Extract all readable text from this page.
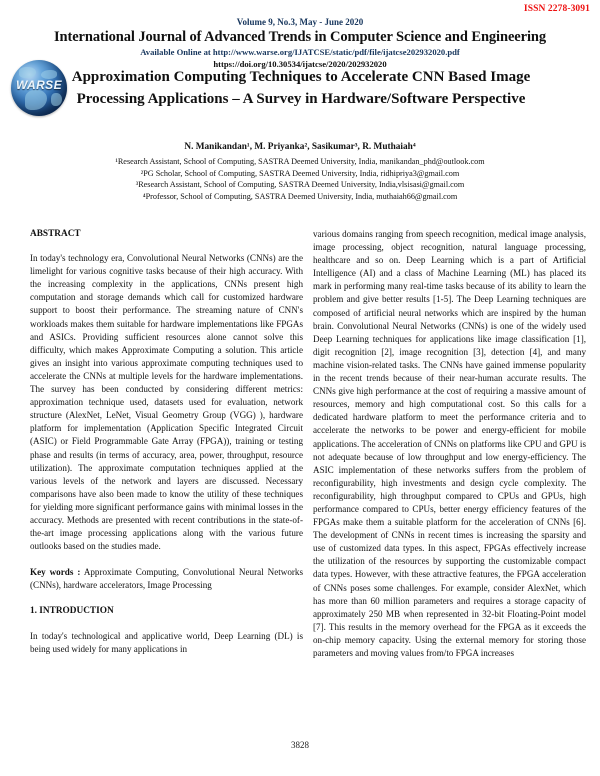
ISSN 2278-3091
Volume 9, No.3, May - June 2020
International Journal of Advanced Trends in Computer Science and Engineering
Available Online at http://www.warse.org/IJATCSE/static/pdf/file/ijatcse202932020.pdf
https://doi.org/10.30534/ijatcse/2020/202932020
WARSE Approximation Computing Techniques to Accelerate CNN Based Image Processing Applications – A Survey in Hardware/Software Perspective
N. Manikandan¹, M. Priyanka², Sasikumar³, R. Muthaiah⁴
¹Research Assistant, School of Computing, SASTRA Deemed University, India, manikandan_phd@outlook.com
²PG Scholar, School of Computing, SASTRA Deemed University, India, ridhipriya3@gmail.com
³Research Assistant, School of Computing, SASTRA Deemed University, India,vlsisasi@gmail.com
⁴Professor, School of Computing, SASTRA Deemed University, India, muthaiah66@gmail.com
ABSTRACT
In today's technology era, Convolutional Neural Networks (CNNs) are the limelight for various cognitive tasks because of their high accuracy. With the increasing complexity in the applications, CNNs present high computation and storage demands which call for customized hardware support to boost their performance. The streaming nature of CNN's workloads makes them suitable for hardware implementations like FPGAs and ASICs. Providing sufficient resources alone cannot solve this difficulty, which makes Approximate Computing a solution. This article gives an insight into various approximate computing techniques used to accelerate the CNNs at multiple levels for the hardware implementations. The survey has been conducted by considering different metrics: approximation technique used, datasets used for evaluation, network structure (AlexNet, LeNet, Visual Geometry Group (VGG) ), hardware platform for implementation (Application Specific Integrated Circuit (ASIC) or Field Programmable Gate Array (FPGA)), training or testing phase and results (in terms of accuracy, area, power, throughput, resource utilization). The approximate computation techniques applied at the various levels of the network and layers are discussed. Necessary comparisons have also been made to know the utility of these techniques for yielding more significant performance gains with minimal losses in the accuracy. Methods are presented with recent contributions in the state-of-the-art image processing applications along with the various future outlooks based on the studies made.
Key words : Approximate Computing, Convolutional Neural Networks (CNNs), hardware accelerators, Image Processing
1. INTRODUCTION
In today's technological and applicative world, Deep Learning (DL) is being used widely for many applications in
various domains ranging from speech recognition, medical image analysis, image processing, object recognition, natural language processing, healthcare and so on. Deep Learning which is a part of Artificial Intelligence (AI) and a class of Machine Learning (ML) has placed its mark in performing many real-time tasks because of its ability to learn the problem and give better results [1-5]. The Deep Learning techniques are composed of artificial neural networks which are inspired by the human brain. Convolutional Neural Networks (CNNs) is one of the widely used Deep Learning techniques for applications like image classification [1], digit recognition [2], image recognition [3], detection [4], and many machine vision-related tasks. The CNNs have gained immense popularity in the recent trends because of their near-human accurate results. The CNNs give high performance at the cost of requiring a massive amount of resources, memory and high computational cost. So this calls for a dedicated hardware platform to meet the performance criteria and to accelerate the networks to be power and energy-efficient for mobile applications. The acceleration of CNNs on platforms like CPU and GPU is not adequate because of low throughput and low energy-efficiency. The ASIC implementation of these networks suffers from the problem of reconfigurability, high investments and design cycle complexity. The reconfigurability, high throughput compared to CPUs and GPUs, high performance compared to CPUs, better energy efficiency features of the FPGAs make them a suitable platform for the acceleration of CNNs [6]. The development of CNNs in recent times is increasing the sparsity and use of customized data types. In this aspect, FPGAs effectively increase the utilization of the resources by supporting the customizable compact data types. However, with these attractive features, the FPGA acceleration of CNNs poses some challenges. For example, consider AlexNet, which has more than 60 million parameters and requires a storage capacity of approximately 250 MB when represented in 32-bit Floating-Point model [7]. This results in the memory overhead for the FPGA as it exceeds the on-chip memory capacity. Using the external memory for storing those parameters and moving values from/to FPGA increases
3828
